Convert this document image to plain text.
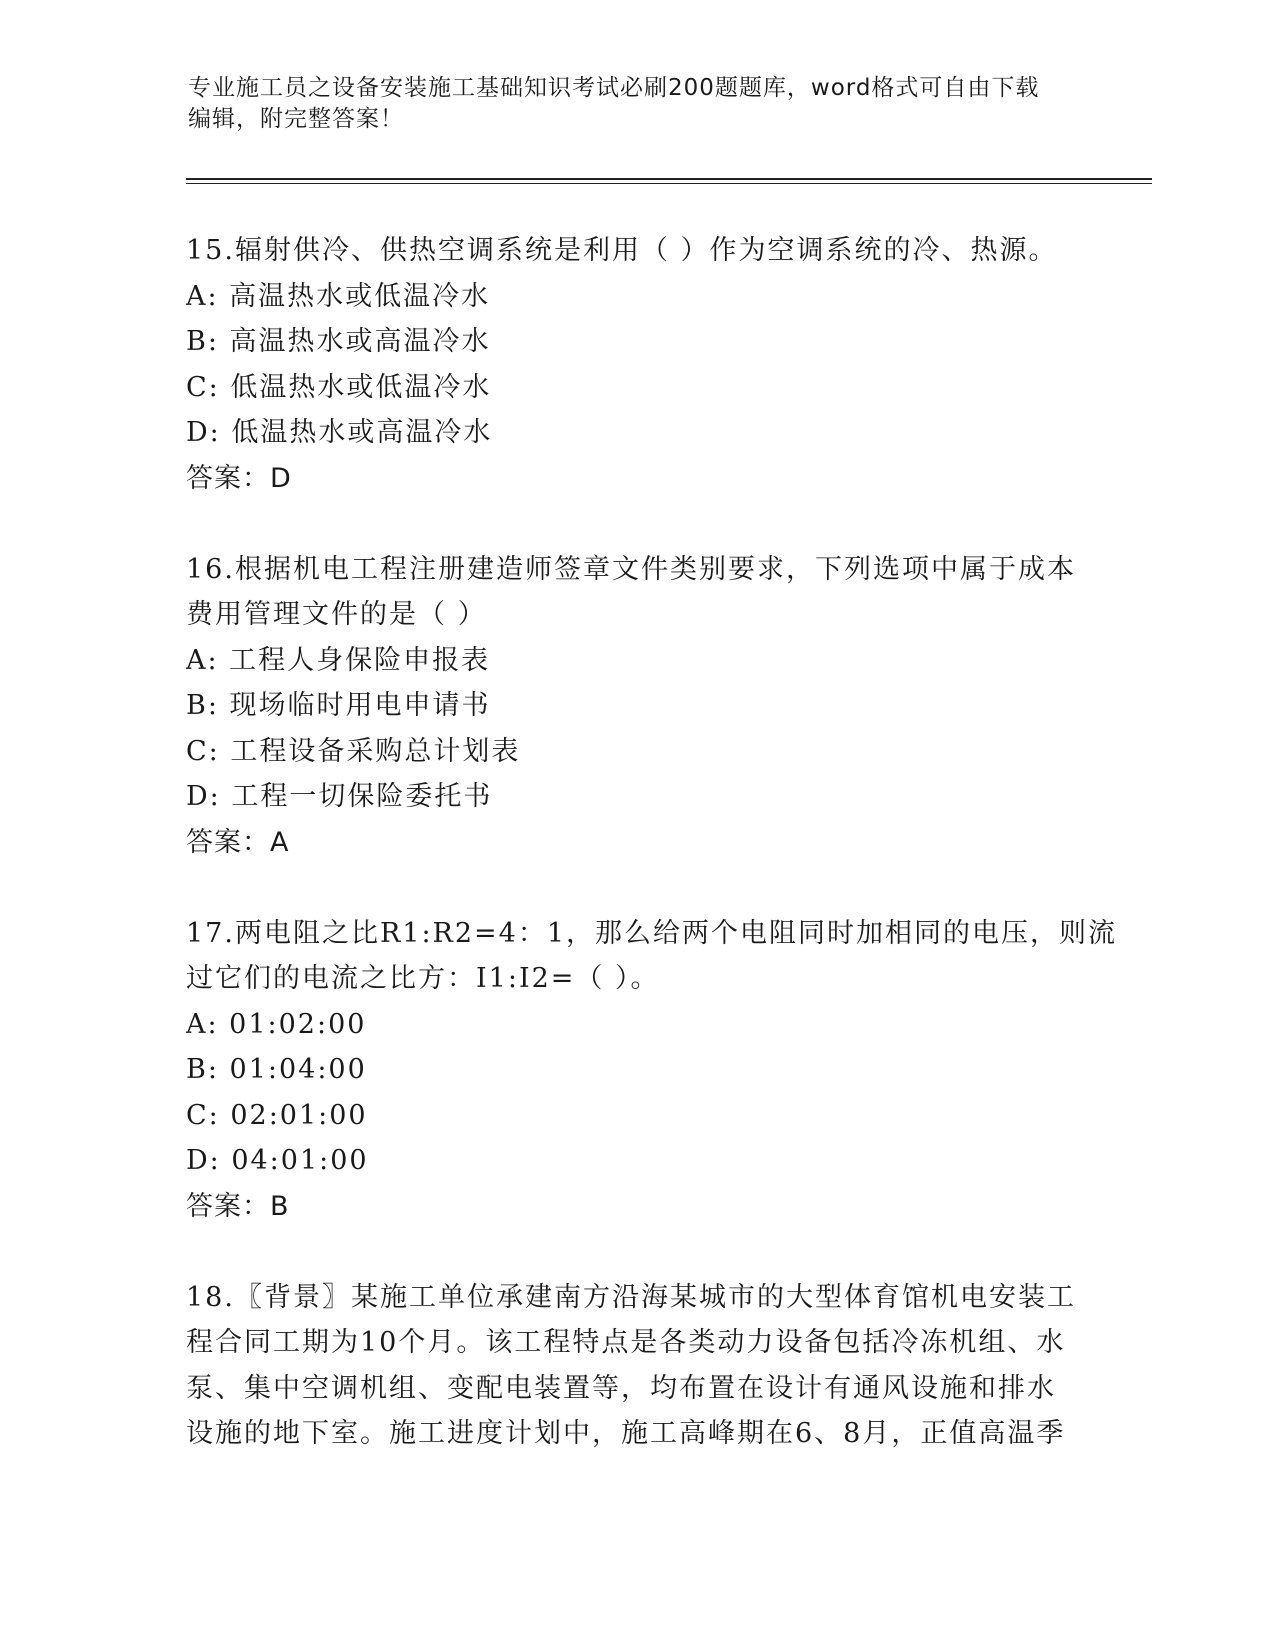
专业施工员之设备安装施工基础知识考试必刷200题题库，word格式可自由下载
编辑，附完整答案！
15.辐射供冷、供热空调系统是利用（ ）作为空调系统的冷、热源。
A: 高温热水或低温冷水
B: 高温热水或高温冷水
C: 低温热水或低温冷水
D: 低温热水或高温冷水
答案：D
16.根据机电工程注册建造师签章文件类别要求，下列选项中属于成本
费用管理文件的是（ ）
A: 工程人身保险申报表
B: 现场临时用电申请书
C: 工程设备采购总计划表
D: 工程一切保险委托书
答案：A
17.两电阻之比R1:R2=4：1，那么给两个电阻同时加相同的电压，则流
过它们的电流之比方：I1:I2=（ ）。
A: 01:02:00
B: 01:04:00
C: 02:01:00
D: 04:01:00
答案：B
18.〖背景〗某施工单位承建南方沿海某城市的大型体育馆机电安装工
程合同工期为10个月。该工程特点是各类动力设备包括冷冻机组、水
泵、集中空调机组、变配电装置等，均布置在设计有通风设施和排水
设施的地下室。施工进度计划中，施工高峰期在6、8月，正值高温季
